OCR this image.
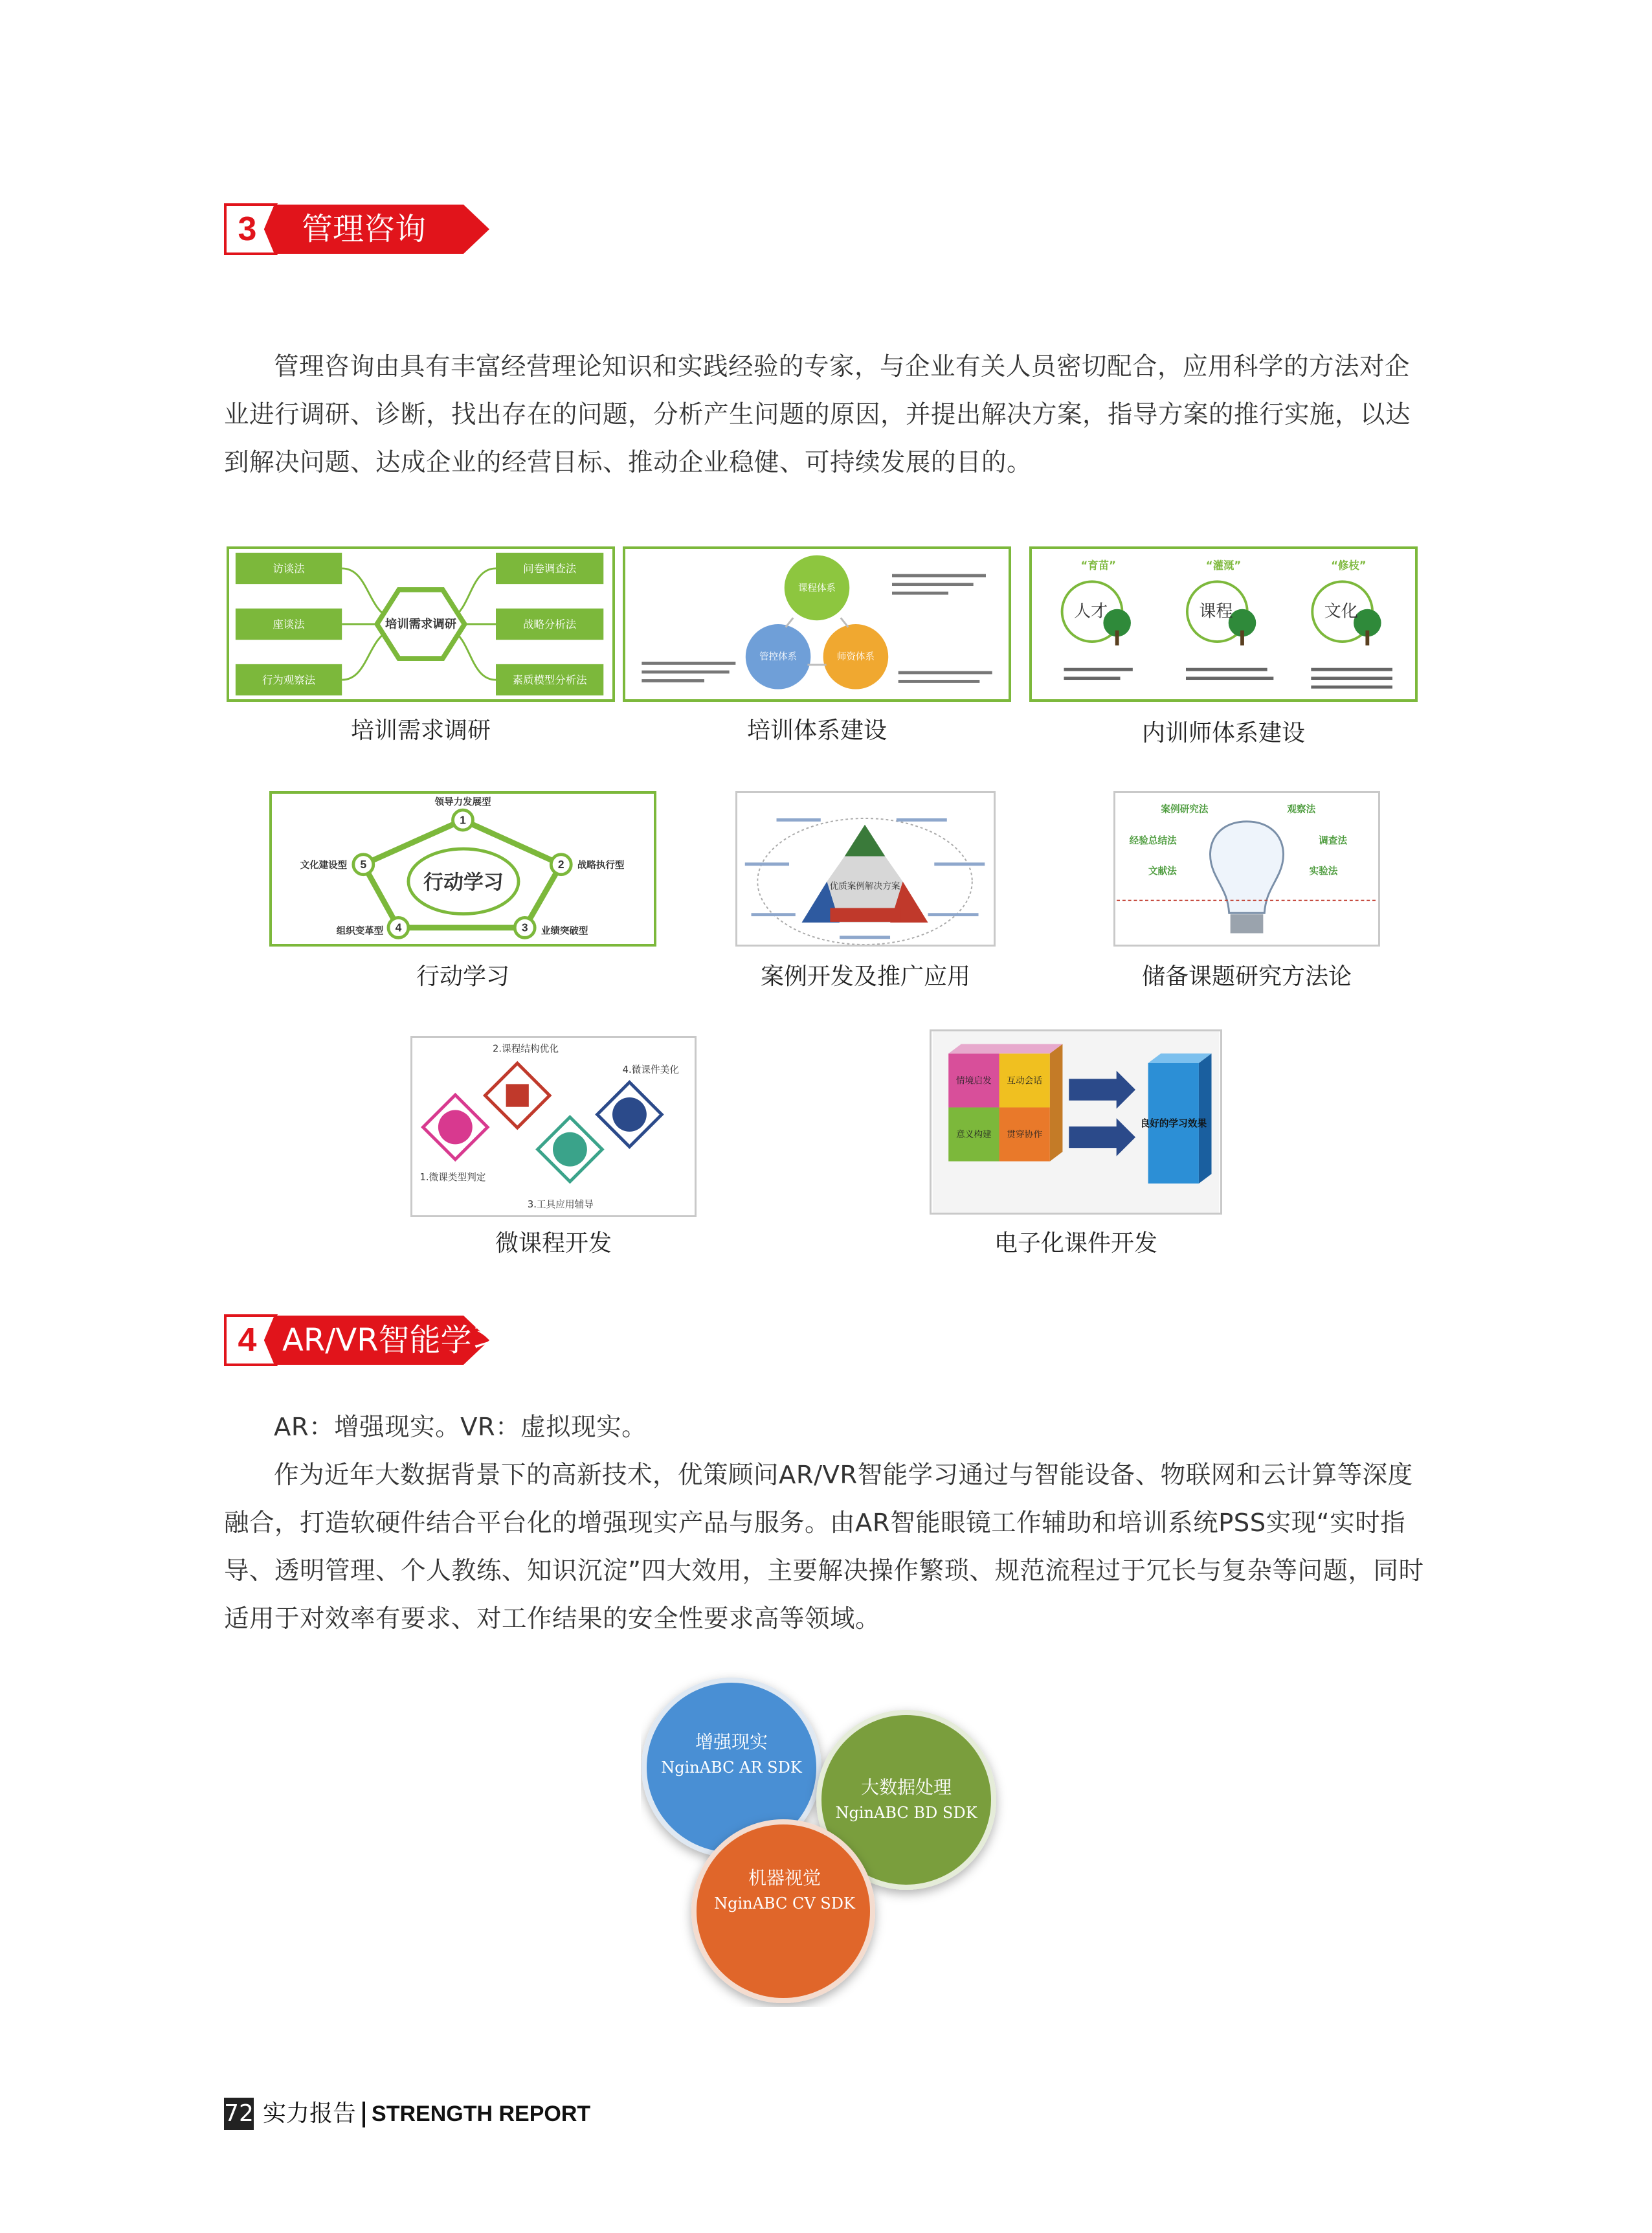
3	管理咨询

管理咨询由具有丰富经营理论知识和实践经验的专家，与企业有关人员密切配合，应用科学的方法对企业进行调研、诊断，找出存在的问题，分析产生问题的原因，并提出解决方案，指导方案的推行实施，以达到解决问题、达成企业的经营目标、推动企业稳健、可持续发展的目的。

访谈法
座谈法
行为观察法
问卷调查法
战略分析法
素质模型分析法
培训需求调研
培训需求调研
课程体系
管控体系	师资体系
培训体系建设
“育苗”	“灌溉”	“修枝”
人才	课程	文化
内训师体系建设
行动学习
1
2
3
4
5
领导力发展型
战略执行型
业绩突破型
组织变革型
文化建设型
行动学习
优质案例解决方案
案例开发及推广应用
案例研究法	观察法
经验总结法	调查法
文献法	实验法
储备课题研究方法论
1.微课类型判定
2.课程结构优化
3.工具应用辅导
4.微课件美化
微课程开发
情境启发 互动会话
意义构建 贯穿协作
良好的学习效果
电子化课件开发
4 AR/VR智能学习

AR：增强现实。VR：虚拟现实。

作为近年大数据背景下的高新技术，优策顾问AR/VR智能学习通过与智能设备、物联网和云计算等深度融合，打造软硬件结合平台化的增强现实产品与服务。由AR智能眼镜工作辅助和培训系统PSS实现“实时指导、透明管理、个人教练、知识沉淀”四大效用，主要解决操作繁琐、规范流程过于冗长与复杂等问题，同时适用于对效率有要求、对工作结果的安全性要求高等领域。

增强现实
NginABC AR SDK
大数据处理
NginABC BD SDK
机器视觉
NginABC CV SDK
72 实力报告 STRENGTH REPORT
